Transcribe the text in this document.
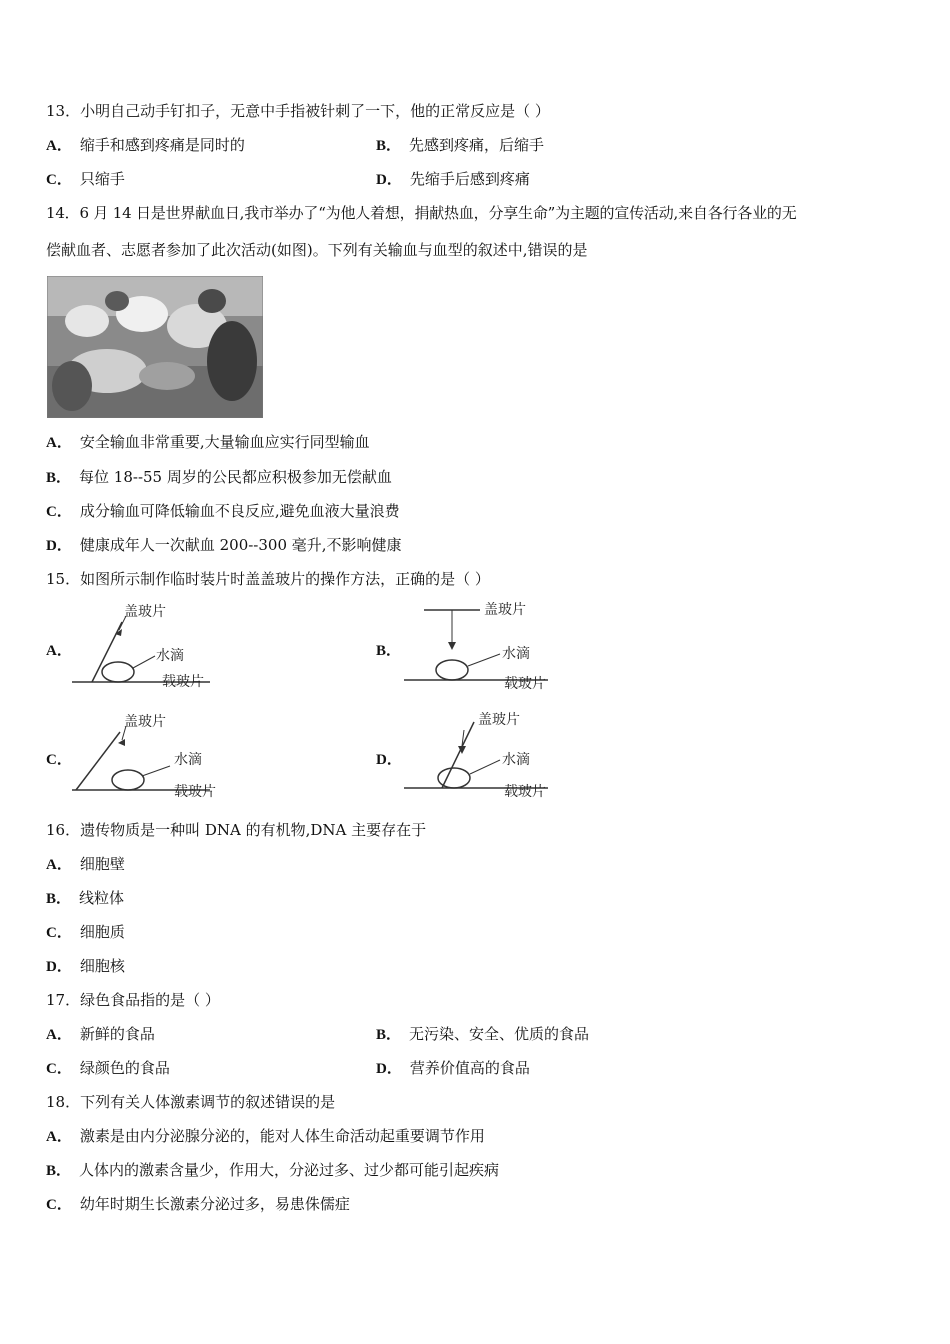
13．小明自己动手钉扣子，无意中手指被针刺了一下，他的正常反应是（ ）
A． 缩手和感到疼痛是同时的	B． 先感到疼痛，后缩手
C． 只缩手	D． 先缩手后感到疼痛
14．6 月 14 日是世界献血日,我市举办了“为他人着想，捐献热血，分享生命”为主题的宣传活动,来自各行各业的无
偿献血者、志愿者参加了此次活动(如图)。下列有关输血与血型的叙述中,错误的是
A． 安全输血非常重要,大量输血应实行同型输血
B． 每位 18--55 周岁的公民都应积极参加无偿献血
C． 成分输血可降低输血不良反应,避免血液大量浪费
D． 健康成年人一次献血 200--300 毫升,不影响健康
15．如图所示制作临时装片时盖盖玻片的操作方法，正确的是（ ）
A．
盖玻片
水滴
载玻片
B．
盖玻片
水滴
载玻片
C．
盖玻片
水滴
载玻片
D．
盖玻片
水滴
载玻片
16．遗传物质是一种叫 DNA 的有机物,DNA 主要存在于
A． 细胞壁
B． 线粒体
C． 细胞质
D． 细胞核
17．绿色食品指的是（ ）
A． 新鲜的食品	B． 无污染、安全、优质的食品
C． 绿颜色的食品	D． 营养价值高的食品
18．下列有关人体激素调节的叙述错误的是
A． 激素是由内分泌腺分泌的，能对人体生命活动起重要调节作用
B． 人体内的激素含量少，作用大，分泌过多、过少都可能引起疾病
C． 幼年时期生长激素分泌过多，易患侏儒症
